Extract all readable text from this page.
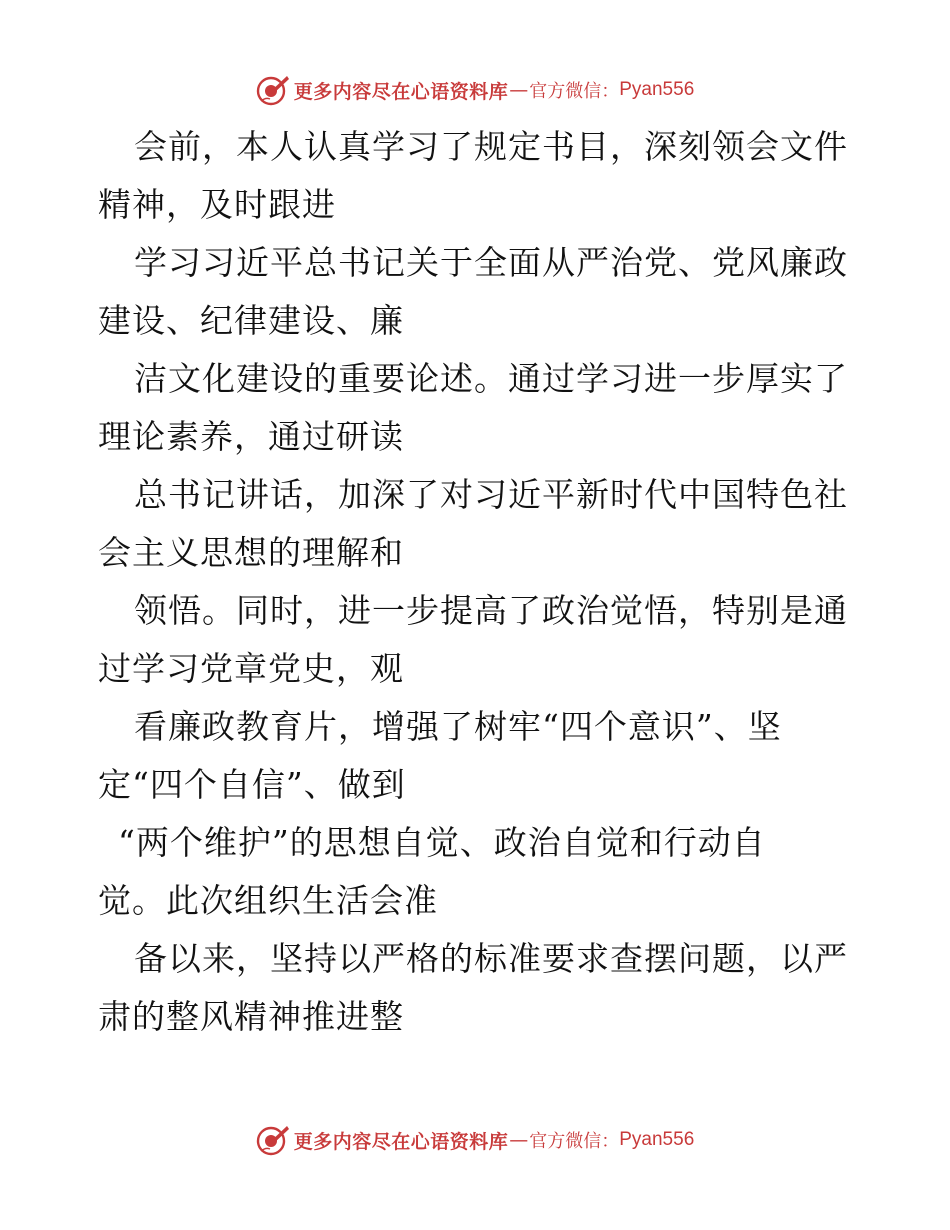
更多内容尽在心语资料库 — 官方微信： Pyan556
会前，本人认真学习了规定书目，深刻领会文件
精神，及时跟进
学习习近平总书记关于全面从严治党、党风廉政
建设、纪律建设、廉
洁文化建设的重要论述。通过学习进一步厚实了
理论素养，通过研读
总书记讲话，加深了对习近平新时代中国特色社
会主义思想的理解和
领悟。同时，进一步提高了政治觉悟，特别是通
过学习党章党史，观
看廉政教育片，增强了树牢“四个意识”、坚
定“四个自信”、做到
“两个维护”的思想自觉、政治自觉和行动自
觉。此次组织生活会准
备以来，坚持以严格的标准要求查摆问题，以严
肃的整风精神推进整
更多内容尽在心语资料库 — 官方微信： Pyan556
